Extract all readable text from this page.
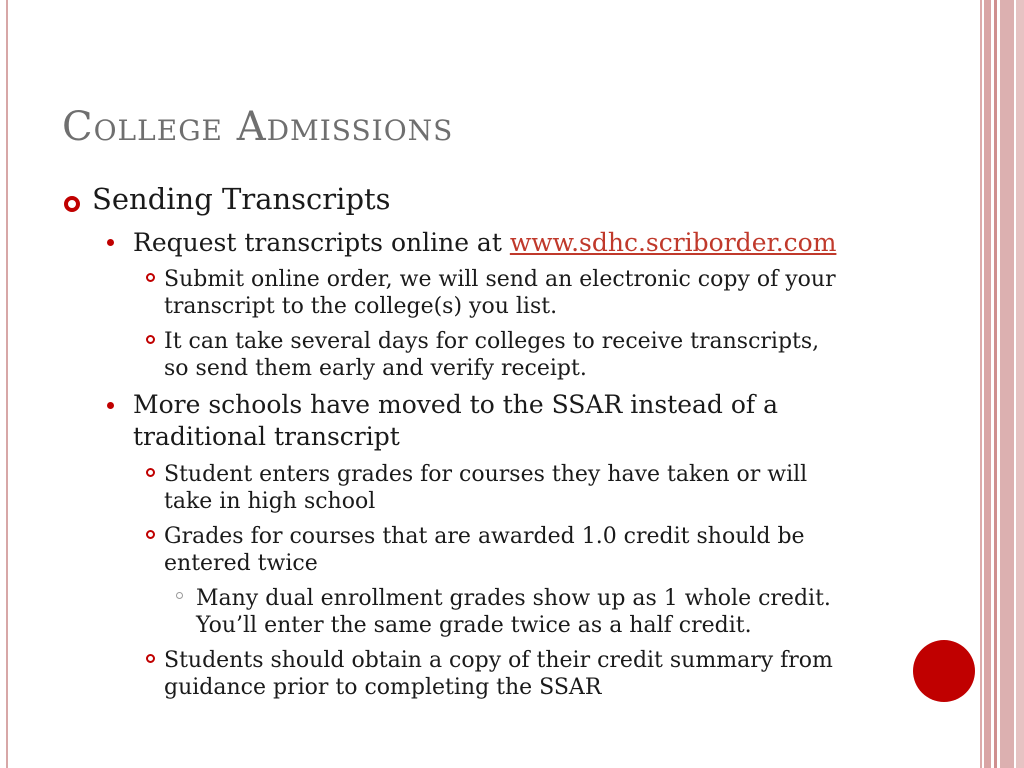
College Admissions
Sending Transcripts
Request transcripts online at www.sdhc.scriborder.com
Submit online order, we will send an electronic copy of your
transcript to the college(s) you list.
It can take several days for colleges to receive transcripts,
so send them early and verify receipt.
More schools have moved to the SSAR instead of a
traditional transcript
Student enters grades for courses they have taken or will
take in high school
Grades for courses that are awarded 1.0 credit should be
entered twice
Many dual enrollment grades show up as 1 whole credit.
You’ll enter the same grade twice as a half credit.
Students should obtain a copy of their credit summary from
guidance prior to completing the SSAR
